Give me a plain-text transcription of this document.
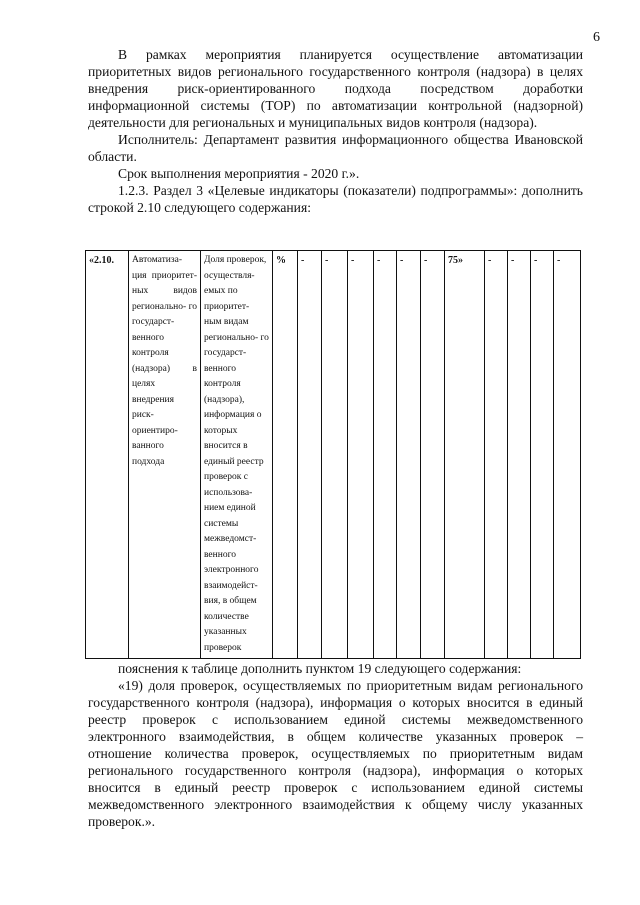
6

В рамках мероприятия планируется осуществление автоматизации приоритетных видов регионального государственного контроля (надзора) в целях внедрения риск-ориентированного подхода посредством доработки информационной системы (ТОР) по автоматизации контрольной (надзорной) деятельности для региональных и муниципальных видов контроля (надзора).

Исполнитель: Департамент развития информационного общества Ивановской области.

Срок выполнения мероприятия - 2020 г.».

1.2.3. Раздел 3 «Целевые индикаторы (показатели) подпрограммы»: дополнить строкой 2.10 следующего содержания:

«2.10.	Автоматиза- ция приоритет- ных видов регионально- го государст- венного контроля (надзора) в целях внедрения риск- ориентиро- ванного подхода	Доля проверок, осуществля- емых по приоритет- ным видам регионально- го государст- венного контроля (надзора), информация о которых вносится в единый реестр проверок с использова- нием единой системы межведомст- венного электронного взаимодейст- вия, в общем количестве указанных проверок	%	-	-	-	-	-	-	75»	-	-	-	-

пояснения к таблице дополнить пунктом 19 следующего содержания:

«19) доля проверок, осуществляемых по приоритетным видам регионального государственного контроля (надзора), информация о которых вносится в единый реестр проверок с использованием единой системы межведомственного электронного взаимодействия, в общем количестве указанных проверок – отношение количества проверок, осуществляемых по приоритетным видам регионального государственного контроля (надзора), информация о которых вносится в единый реестр проверок с использованием единой системы межведомственного электронного взаимодействия к общему числу указанных проверок.».
